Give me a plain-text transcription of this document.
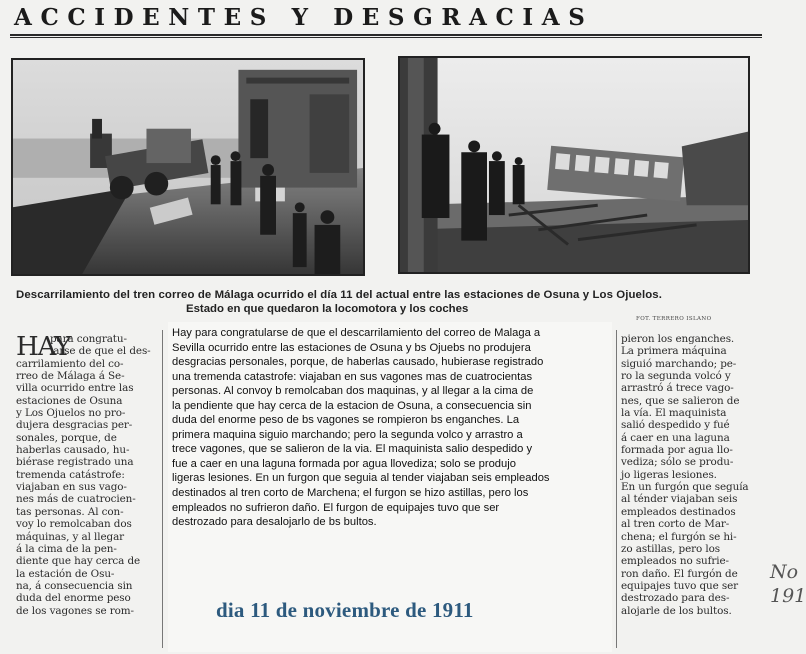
ACCIDENTES Y DESGRACIAS
Descarrilamiento del tren correo de Málaga ocurrido el día 11 del actual entre las estaciones de Osuna y Los Ojuelos.
Estado en que quedaron la locomotora y los coches
FOT. TERRERO ISLANO
HAY
para congratu-
larse de que el des-
carrilamiento del co-
rreo de Málaga á Se-
villa ocurrido entre las
estaciones de Osuna
y Los Ojuelos no pro-
dujera desgracias per-
sonales, porque, de
haberlas causado, hu-
biérase registrado una
tremenda catástrofe:
viajaban en sus vago-
nes más de cuatrocien-
tas personas. Al con-
voy lo remolcaban dos
máquinas, y al llegar
á la cima de la pen-
diente que hay cerca de
la estación de Osu-
na, á consecuencia sin
duda del enorme peso
de los vagones se rom-
Hay para congratularse de que el descarrilamiento del correo de Malaga a
Sevilla ocurrido entre las estaciones de Osuna y bs Ojuebs no produjera
desgracias personales, porque, de haberlas causado, hubierase registrado
una tremenda catastrofe: viajaban en sus vagones mas de cuatrocientas
personas. Al convoy b remolcaban dos maquinas, y al llegar a la cima de
la pendiente que hay cerca de la estacion de Osuna, a consecuencia sin
duda del enorme peso de bs vagones se rompieron bs enganches. La
primera maquina siguio marchando; pero la segunda volco y arrastro a
trece vagones, que se salieron de la via. El maquinista salio despedido y
fue a caer en una laguna formada por agua llovediza; solo se produjo
ligeras lesiones. En un furgon que seguia al tender viajaban seis empleados
destinados al tren corto de Marchena; el furgon se hizo astillas, pero los
empleados no sufrieron daño. El furgon de equipajes tuvo que ser
destrozado para desalojarlo de bs bultos.
dia 11 de noviembre de 1911
pieron los enganches.
La primera máquina
siguió marchando; pe-
ro la segunda volcó y
arrastró á trece vago-
nes, que se salieron de
la vía. El maquinista
salió despedido y fué
á caer en una laguna
formada por agua llo-
vediza; sólo se produ-
jo ligeras lesiones.
En un furgón que seguía
al ténder viajaban seis
empleados destinados
al tren corto de Mar-
chena; el furgón se hi-
zo astillas, pero los
empleados no sufrie-
ron daño. El furgón de
equipajes tuvo que ser
destrozado para des-
alojarle de los bultos.
No
191
